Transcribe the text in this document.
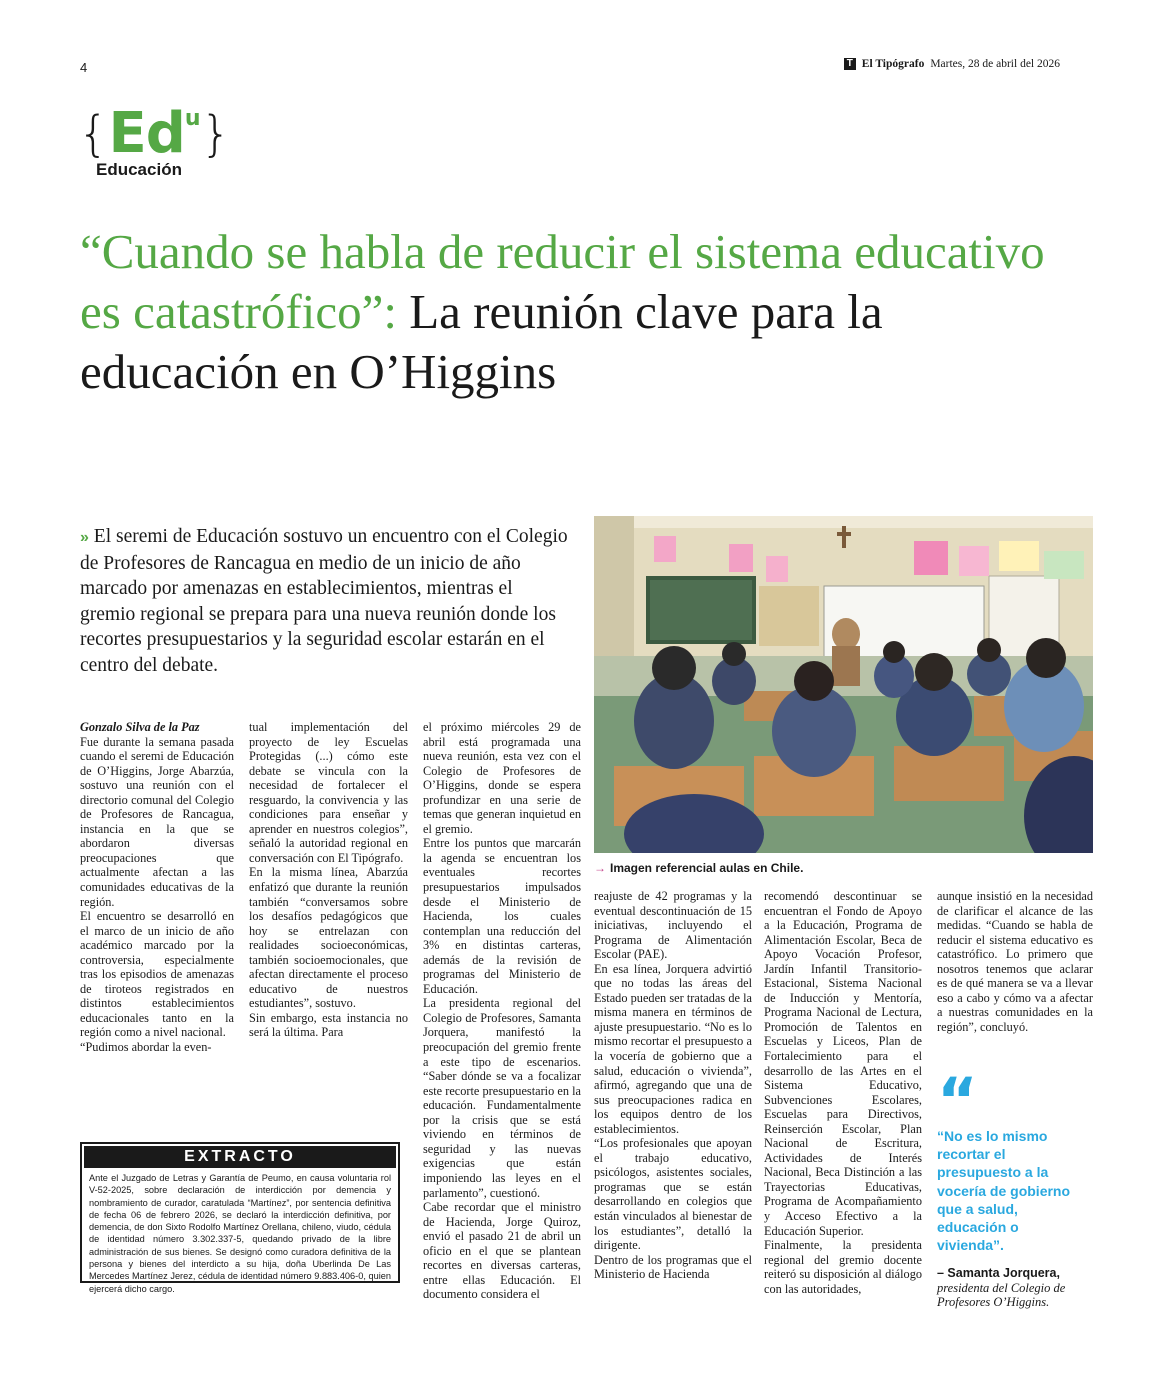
4	T El Tipógrafo Martes, 28 de abril del 2026
{ Ed u }
Educación
“Cuando se habla de reducir el sistema educativo es catastrófico”: La reunión clave para la educación en O’Higgins
» El seremi de Educación sostuvo un encuentro con el Colegio de Profesores de Rancagua en medio de un inicio de año marcado por amenazas en establecimientos, mientras el gremio regional se prepara para una nueva reunión donde los recortes presupuestarios y la seguridad escolar estarán en el centro del debate.
→ Imagen referencial aulas en Chile.

Gonzalo Silva de la Paz

Fue durante la semana pasada cuando el seremi de Educación de O’Higgins, Jorge Abarzúa, sostuvo una reunión con el directorio comunal del Colegio de Profesores de Rancagua, instancia en la que se abordaron diversas preocupaciones que actualmente afectan a las comunidades educativas de la región.

El encuentro se desarrolló en el marco de un inicio de año académico marcado por la controversia, especialmente tras los episodios de amenazas de tiroteos registrados en distintos establecimientos educacionales tanto en la región como a nivel nacional.

“Pudimos abordar la even-

tual implementación del proyecto de ley Escuelas Protegidas (...) cómo este debate se vincula con la necesidad de fortalecer el resguardo, la convivencia y las condiciones para enseñar y aprender en nuestros colegios”, señaló la autoridad regional en conversación con El Tipógrafo.

En la misma línea, Abarzúa enfatizó que durante la reunión también “conversamos sobre los desafíos pedagógicos que hoy se entrelazan con realidades socioeconómicas, también socioemocionales, que afectan directamente el proceso educativo de nuestros estudiantes”, sostuvo.

Sin embargo, esta instancia no será la última. Para

el próximo miércoles 29 de abril está programada una nueva reunión, esta vez con el Colegio de Profesores de O’Higgins, donde se espera profundizar en una serie de temas que generan inquietud en el gremio.

Entre los puntos que marcarán la agenda se encuentran los eventuales recortes presupuestarios impulsados desde el Ministerio de Hacienda, los cuales contemplan una reducción del 3% en distintas carteras, además de la revisión de programas del Ministerio de Educación.

La presidenta regional del Colegio de Profesores, Samanta Jorquera, manifestó la preocupación del gremio frente a este tipo de escenarios. “Saber dónde se va a focalizar este recorte presupuestario en la educación. Fundamentalmente por la crisis que se está viviendo en términos de seguridad y las nuevas exigencias que están imponiendo las leyes en el parlamento”, cuestionó.

Cabe recordar que el ministro de Hacienda, Jorge Quiroz, envió el pasado 21 de abril un oficio en el que se plantean recortes en diversas carteras, entre ellas Educación. El documento considera el

reajuste de 42 programas y la eventual descontinuación de 15 iniciativas, incluyendo el Programa de Alimentación Escolar (PAE).

En esa línea, Jorquera advirtió que no todas las áreas del Estado pueden ser tratadas de la misma manera en términos de ajuste presupuestario. “No es lo mismo recortar el presupuesto a la vocería de gobierno que a salud, educación o vivienda”, afirmó, agregando que una de sus preocupaciones radica en los equipos dentro de los establecimientos.

“Los profesionales que apoyan el trabajo educativo, psicólogos, asistentes sociales, programas que se están desarrollando en colegios que están vinculados al bienestar de los estudiantes”, detalló la dirigente.

Dentro de los programas que el Ministerio de Hacienda

recomendó descontinuar se encuentran el Fondo de Apoyo a la Educación, Programa de Alimentación Escolar, Beca de Apoyo Vocación Profesor, Jardín Infantil Transitorio-Estacional, Sistema Nacional de Inducción y Mentoría, Programa Nacional de Lectura, Promoción de Talentos en Escuelas y Liceos, Plan de Fortalecimiento para el desarrollo de las Artes en el Sistema Educativo, Subvenciones Escolares, Escuelas para Directivos, Reinserción Escolar, Plan Nacional de Escritura, Actividades de Interés Nacional, Beca Distinción a las Trayectorias Educativas, Programa de Acompañamiento y Acceso Efectivo a la Educación Superior.

Finalmente, la presidenta regional del gremio docente reiteró su disposición al diálogo con las autoridades,

aunque insistió en la necesidad de clarificar el alcance de las medidas. “Cuando se habla de reducir el sistema educativo es catastrófico. Lo primero que nosotros tenemos que aclarar es de qué manera se va a llevar eso a cabo y cómo va a afectar a nuestras comunidades en la región”, concluyó.

“
“No es lo mismo recortar el presupuesto a la vocería de gobierno que a salud, educación o vivienda”.
– Samanta Jorquera,
presidenta del Colegio de Profesores O’Higgins.
EXTRACTO
Ante el Juzgado de Letras y Garantía de Peumo, en causa voluntaria rol V-52-2025, sobre declaración de interdicción por demencia y nombramiento de curador, caratulada “Martínez”, por sentencia definitiva de fecha 06 de febrero 2026, se declaró la interdicción definitiva, por demencia, de don Sixto Rodolfo Martínez Orellana, chileno, viudo, cédula de identidad número 3.302.337-5, quedando privado de la libre administración de sus bienes. Se designó como curadora definitiva de la persona y bienes del interdicto a su hija, doña Uberlinda De Las Mercedes Martínez Jerez, cédula de identidad número 9.883.406-0, quien ejercerá dicho cargo.
